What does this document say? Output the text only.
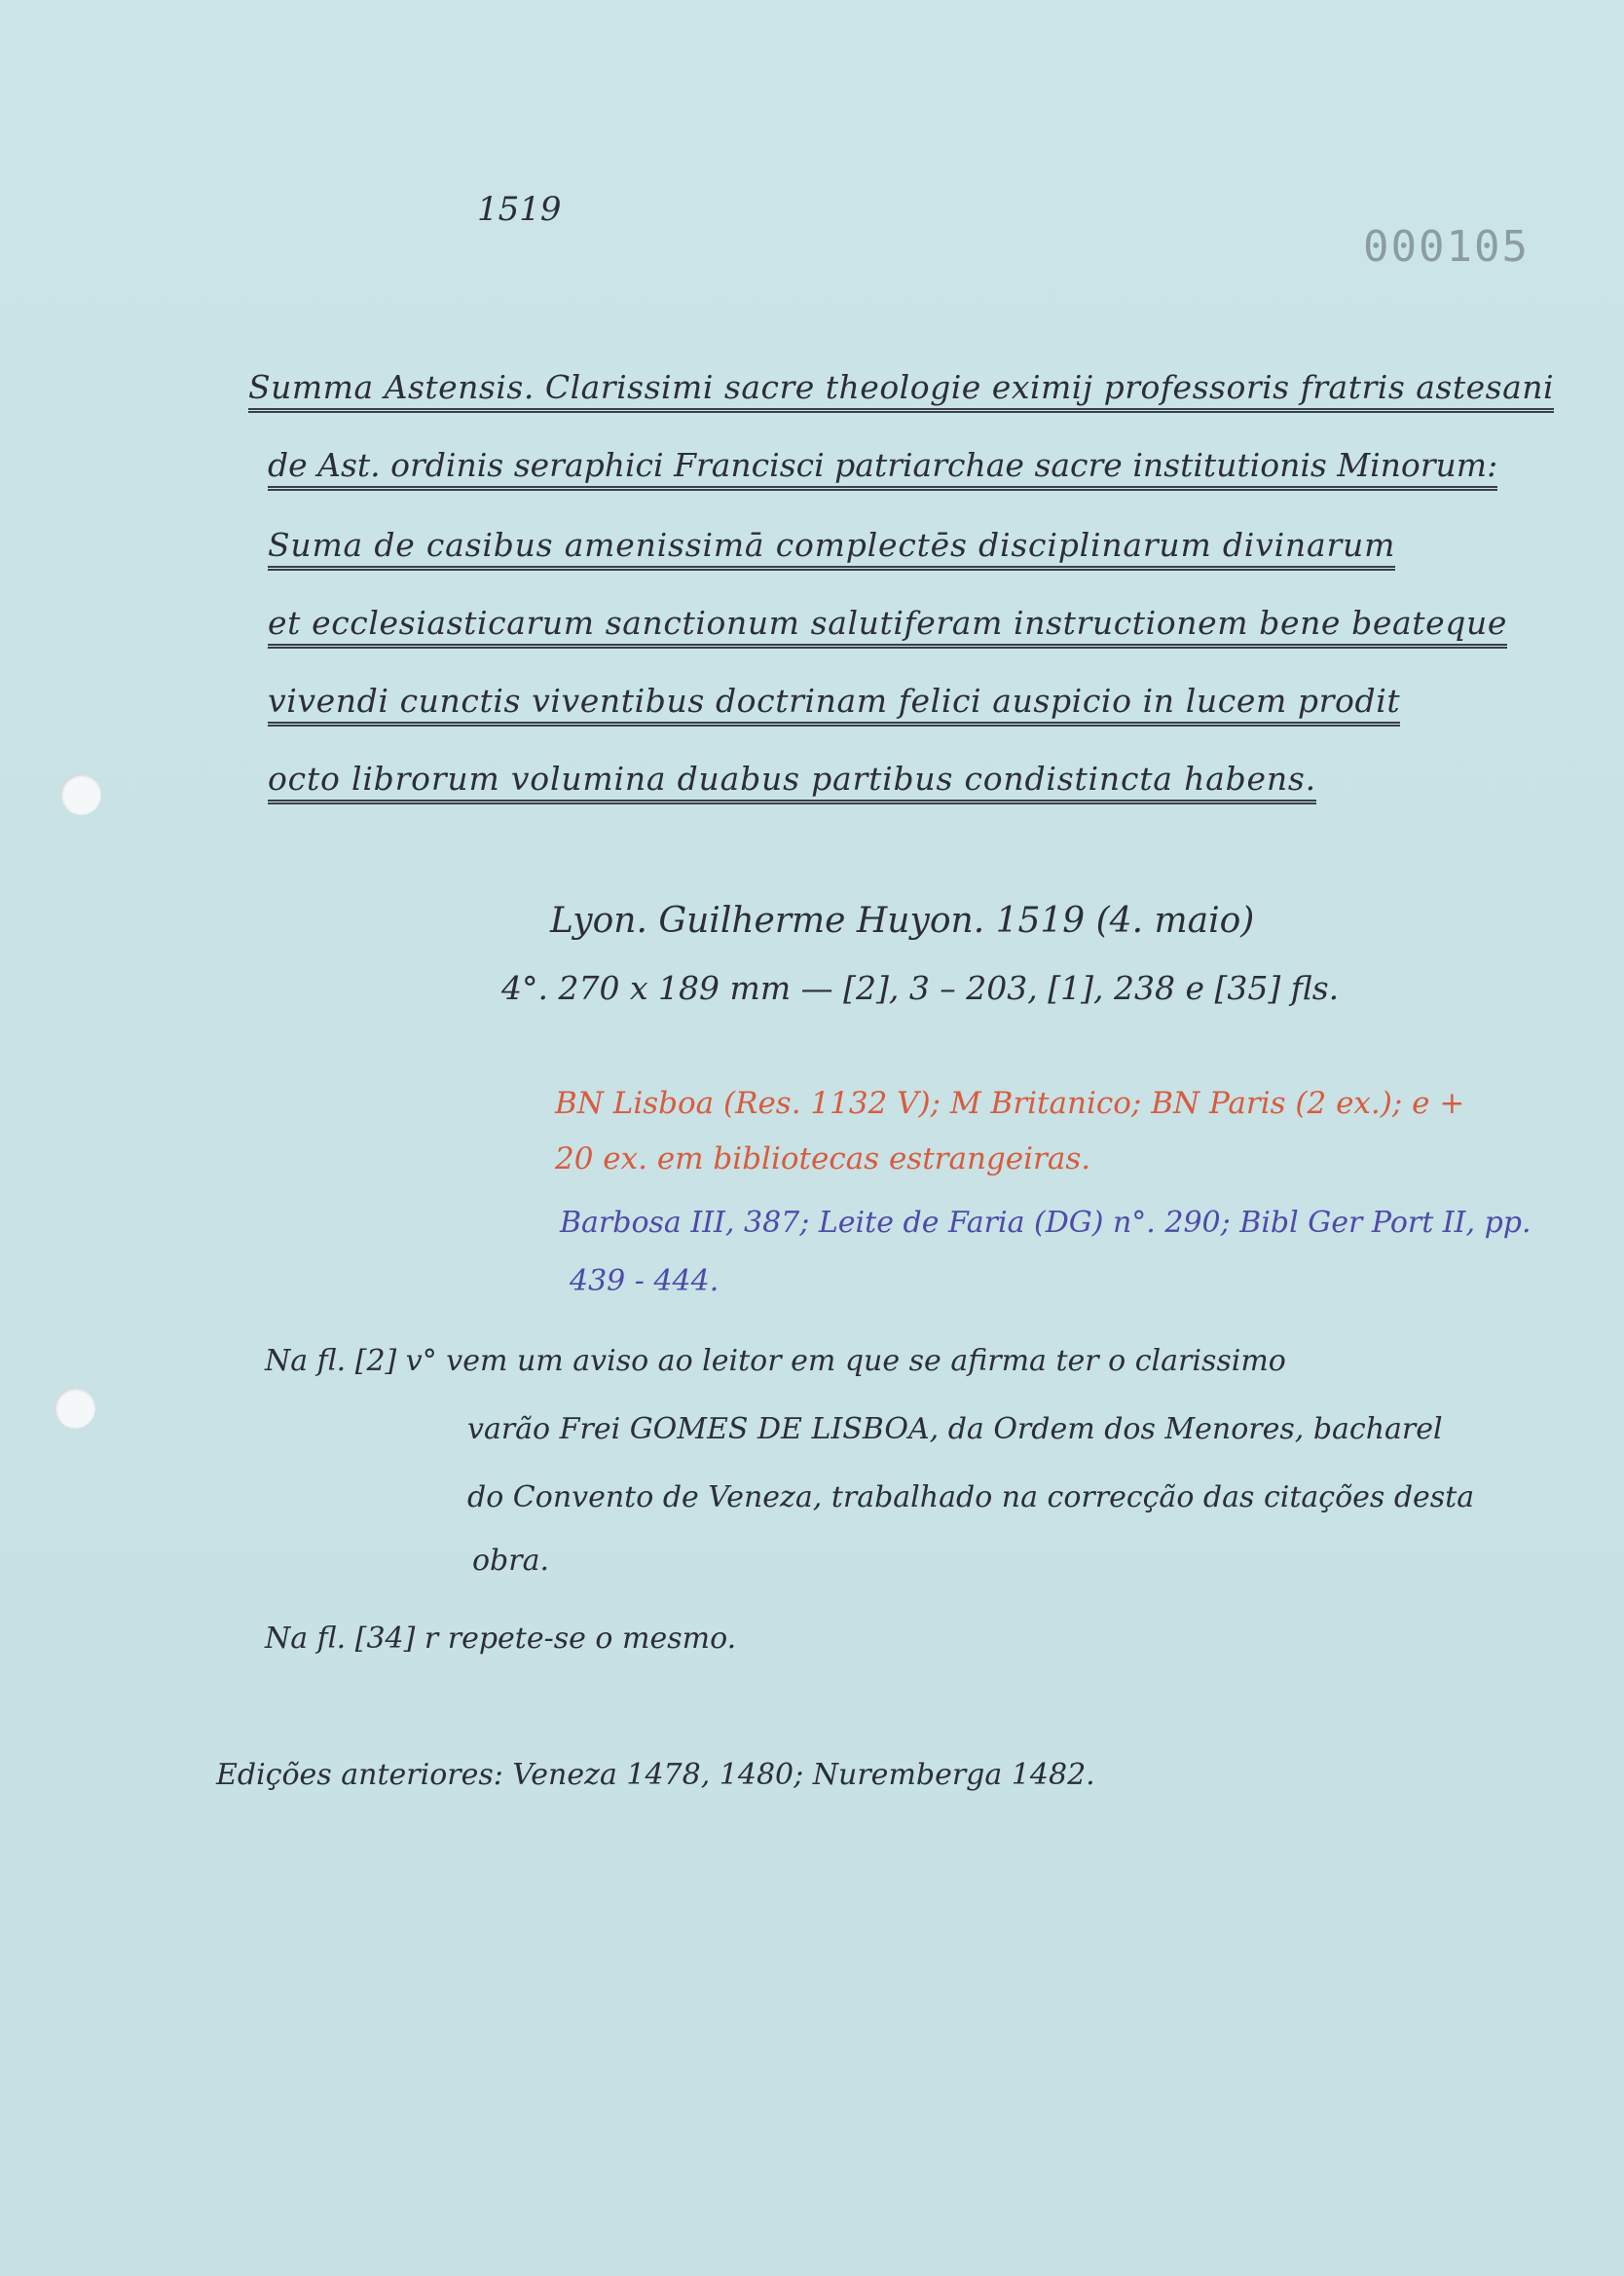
1519
000105
Summa Astensis. Clarissimi sacre theologie eximij professoris fratris astesani
de Ast. ordinis seraphici Francisci patriarchae sacre institutionis Minorum:
Suma de casibus amenissimā complectēs disciplinarum divinarum
et ecclesiasticarum sanctionum salutiferam instructionem bene beateque
vivendi cunctis viventibus doctrinam felici auspicio in lucem prodit
octo librorum volumina duabus partibus condistincta habens.
Lyon. Guilherme Huyon. 1519 (4. maio)
4°. 270 x 189 mm — [2], 3 – 203, [1], 238 e [35] fls.
BN Lisboa (Res. 1132 V); M Britanico; BN Paris (2 ex.); e +
20 ex. em bibliotecas estrangeiras.
Barbosa III, 387; Leite de Faria (DG) n°. 290; Bibl Ger Port II, pp.
439 - 444.
Na fl. [2] v° vem um aviso ao leitor em que se afirma ter o clarissimo
varão Frei GOMES DE LISBOA, da Ordem dos Menores, bacharel
do Convento de Veneza, trabalhado na correcção das citações desta
obra.
Na fl. [34] r repete-se o mesmo.
Edições anteriores: Veneza 1478, 1480; Nuremberga 1482.
